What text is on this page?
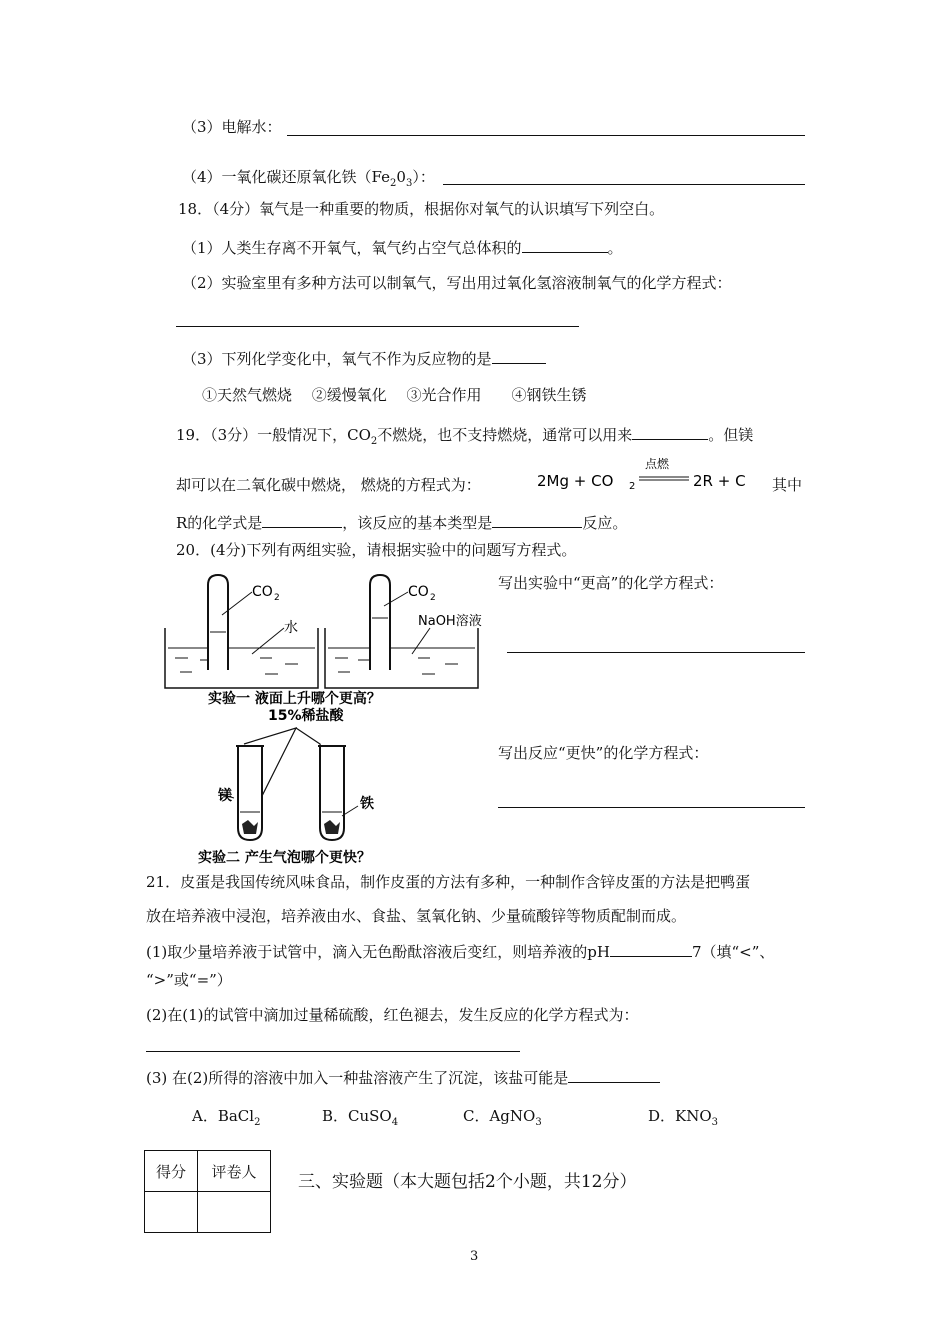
（3）电解水：
（4）一氧化碳还原氧化铁$(Fe_20_3)$：
18．（4分）氧气是一种重要的物质，根据你对氧气的认识填写下列空白。
（1）人类生存离不开氧气，氧气约占空气总体积的	。
（2）实验室里有多种方法可以制氧气，写出用过氧化氢溶液制氧气的化学方程式：
（3）下列化学变化中，氧气不作为反应物的是
①天然气燃烧　 ②缓慢氧化　 ③光合作用　　④钢铁生锈
19．（3分）一般情况下，$CO_2$不燃烧，也不支持燃烧，通常可以用来	。但镁
却可以在二氧化碳中燃烧， 燃烧的方程式为：	2Mg + CO 2
点燃
2R + C 其中
R的化学式是	，该反应的基本类型是	反应。
20．(4分)下列有两组实验，请根据实验中的问题写方程式。
写出实验中“更高”的化学方程式：
写出反应“更快”的化学方程式：
CO 2
水
CO 2
NaOH溶液
实验一 液面上升哪个更高？
15%稀盐酸
镁	铁
实验二 产生气泡哪个更快？
21．皮蛋是我国传统风味食品，制作皮蛋的方法有多种，一种制作含锌皮蛋的方法是把鸭蛋
放在培养液中浸泡，培养液由水、食盐、氢氧化钠、少量硫酸锌等物质配制而成。
(1)取少量培养液于试管中，滴入无色酚酞溶液后变红，则培养液的pH	7（填“<”、
“>”或“=”）
(2)在(1)的试管中滴加过量稀硫酸，红色褪去，发生反应的化学方程式为：
(3) 在(2)所得的溶液中加入一种盐溶液产生了沉淀，该盐可能是
A．BaCl$_2$	B．CuSO$_4$	C．AgNO$_3$	D．$KNO_3$
得分	评卷人

三、实验题（本大题包括2个小题，共12分）
3
